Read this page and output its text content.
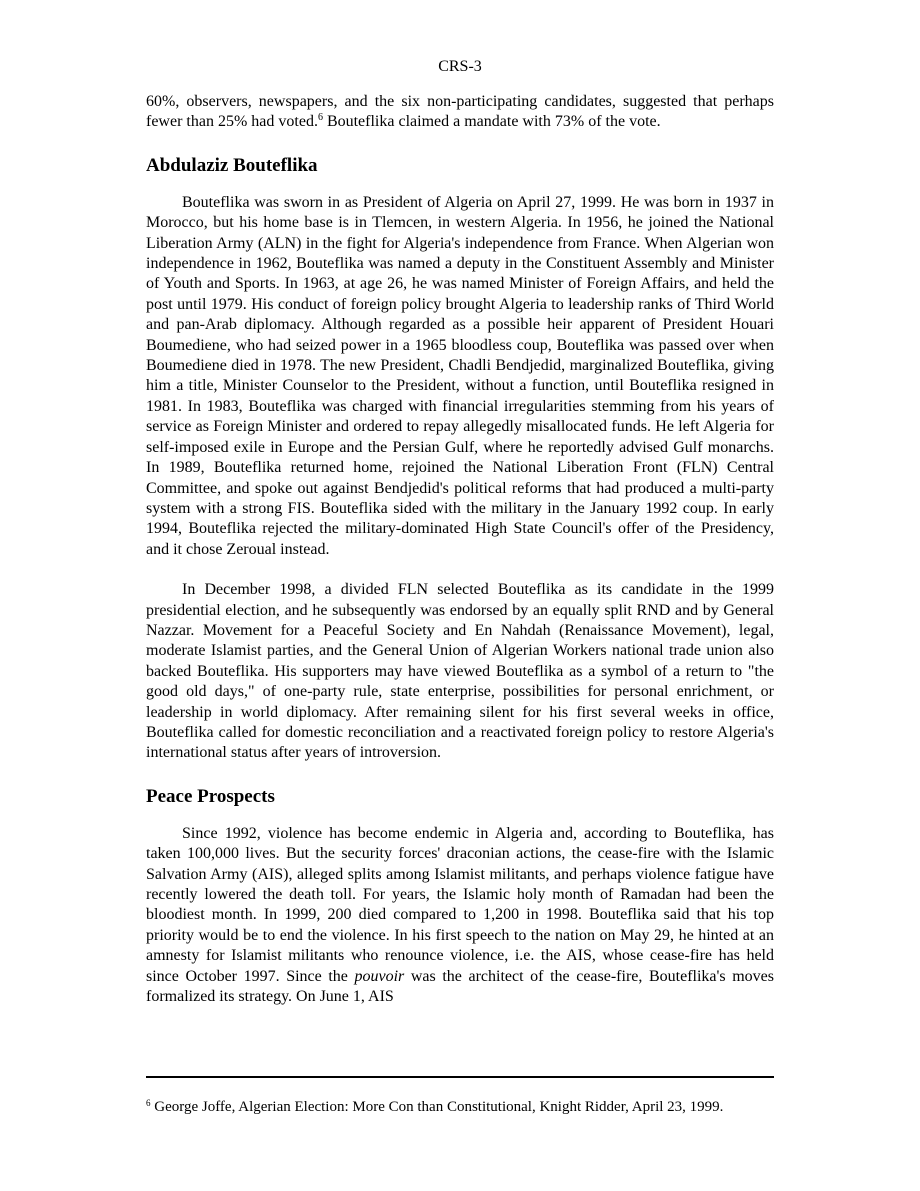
CRS-3

60%, observers, newspapers, and the six non-participating candidates, suggested that perhaps fewer than 25% had voted.$^6$ Bouteflika claimed a mandate with 73% of the vote.

Abdulaziz Bouteflika

Bouteflika was sworn in as President of Algeria on April 27, 1999. He was born in 1937 in Morocco, but his home base is in Tlemcen, in western Algeria. In 1956, he joined the National Liberation Army (ALN) in the fight for Algeria's independence from France. When Algerian won independence in 1962, Bouteflika was named a deputy in the Constituent Assembly and Minister of Youth and Sports. In 1963, at age 26, he was named Minister of Foreign Affairs, and held the post until 1979. His conduct of foreign policy brought Algeria to leadership ranks of Third World and pan-Arab diplomacy. Although regarded as a possible heir apparent of President Houari Boumediene, who had seized power in a 1965 bloodless coup, Bouteflika was passed over when Boumediene died in 1978. The new President, Chadli Bendjedid, marginalized Bouteflika, giving him a title, Minister Counselor to the President, without a function, until Bouteflika resigned in 1981. In 1983, Bouteflika was charged with financial irregularities stemming from his years of service as Foreign Minister and ordered to repay allegedly misallocated funds. He left Algeria for self-imposed exile in Europe and the Persian Gulf, where he reportedly advised Gulf monarchs. In 1989, Bouteflika returned home, rejoined the National Liberation Front (FLN) Central Committee, and spoke out against Bendjedid's political reforms that had produced a multi-party system with a strong FIS. Bouteflika sided with the military in the January 1992 coup. In early 1994, Bouteflika rejected the military-dominated High State Council's offer of the Presidency, and it chose Zeroual instead.

In December 1998, a divided FLN selected Bouteflika as its candidate in the 1999 presidential election, and he subsequently was endorsed by an equally split RND and by General Nazzar. Movement for a Peaceful Society and En Nahdah (Renaissance Movement), legal, moderate Islamist parties, and the General Union of Algerian Workers national trade union also backed Bouteflika. His supporters may have viewed Bouteflika as a symbol of a return to "the good old days," of one-party rule, state enterprise, possibilities for personal enrichment, or leadership in world diplomacy. After remaining silent for his first several weeks in office, Bouteflika called for domestic reconciliation and a reactivated foreign policy to restore Algeria's international status after years of introversion.

Peace Prospects

Since 1992, violence has become endemic in Algeria and, according to Bouteflika, has taken 100,000 lives. But the security forces' draconian actions, the cease-fire with the Islamic Salvation Army (AIS), alleged splits among Islamist militants, and perhaps violence fatigue have recently lowered the death toll. For years, the Islamic holy month of Ramadan had been the bloodiest month. In 1999, 200 died compared to 1,200 in 1998. Bouteflika said that his top priority would be to end the violence. In his first speech to the nation on May 29, he hinted at an amnesty for Islamist militants who renounce violence, i.e. the AIS, whose cease-fire has held since October 1997. Since the pouvoir was the architect of the cease-fire, Bouteflika's moves formalized its strategy. On June 1, AIS

$^6$ George Joffe, Algerian Election: More Con than Constitutional, Knight Ridder, April 23, 1999.
